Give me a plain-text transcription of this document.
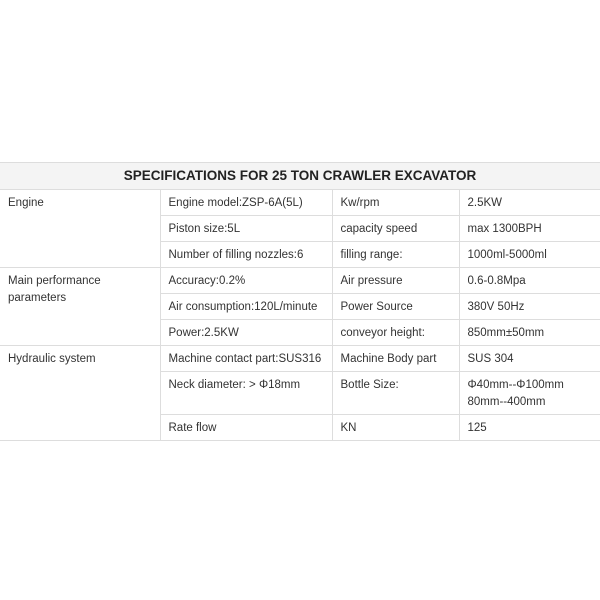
SPECIFICATIONS FOR 25 TON CRAWLER EXCAVATOR			
Engine	Engine model:ZSP-6A(5L)	Kw/rpm	2.5KW
	Piston size:5L	capacity speed	max 1300BPH
	Number of filling nozzles:6	filling range:	1000ml-5000ml
Main performance parameters	Accuracy:0.2%	Air pressure	0.6-0.8Mpa
	Air consumption:120L/minute	Power Source	380V 50Hz
	Power:2.5KW	conveyor height:	850mm±50mm
Hydraulic system	Machine contact part:SUS316	Machine Body part	SUS 304
	Neck diameter: > Φ18mm	Bottle Size:	Φ40mm--Φ100mm
80mm--400mm

	Rate flow	KN	125
